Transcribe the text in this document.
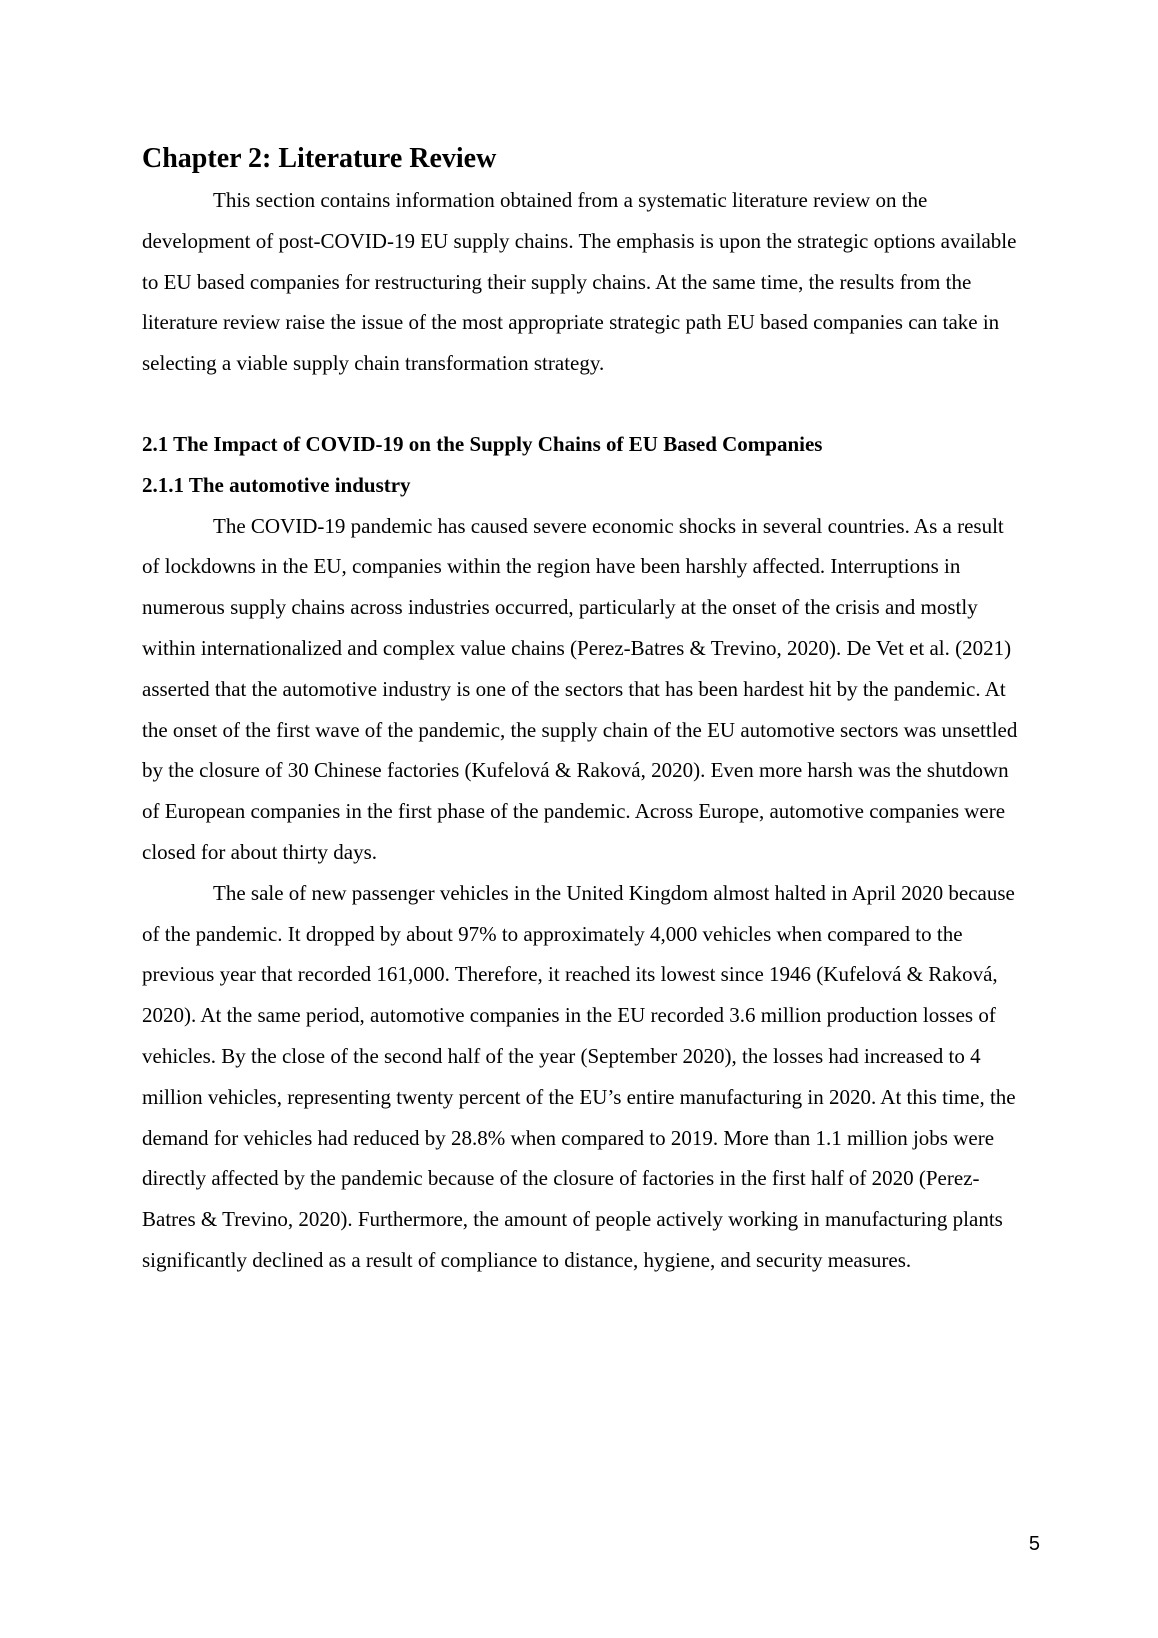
Chapter 2: Literature Review

This section contains information obtained from a systematic literature review on the development of post-COVID-19 EU supply chains. The emphasis is upon the strategic options available to EU based companies for restructuring their supply chains. At the same time, the results from the literature review raise the issue of the most appropriate strategic path EU based companies can take in selecting a viable supply chain transformation strategy.

2.1 The Impact of COVID-19 on the Supply Chains of EU Based Companies
2.1.1 The automotive industry

The COVID-19 pandemic has caused severe economic shocks in several countries. As a result of lockdowns in the EU, companies within the region have been harshly affected. Interruptions in numerous supply chains across industries occurred, particularly at the onset of the crisis and mostly within internationalized and complex value chains (Perez-Batres & Trevino, 2020). De Vet et al. (2021) asserted that the automotive industry is one of the sectors that has been hardest hit by the pandemic. At the onset of the first wave of the pandemic, the supply chain of the EU automotive sectors was unsettled by the closure of 30 Chinese factories (Kufelová & Raková, 2020). Even more harsh was the shutdown of European companies in the first phase of the pandemic. Across Europe, automotive companies were closed for about thirty days.

The sale of new passenger vehicles in the United Kingdom almost halted in April 2020 because of the pandemic. It dropped by about 97% to approximately 4,000 vehicles when compared to the previous year that recorded 161,000. Therefore, it reached its lowest since 1946 (Kufelová & Raková, 2020). At the same period, automotive companies in the EU recorded 3.6 million production losses of vehicles. By the close of the second half of the year (September 2020), the losses had increased to 4 million vehicles, representing twenty percent of the EU’s entire manufacturing in 2020. At this time, the demand for vehicles had reduced by 28.8% when compared to 2019. More than 1.1 million jobs were directly affected by the pandemic because of the closure of factories in the first half of 2020 (Perez-Batres & Trevino, 2020). Furthermore, the amount of people actively working in manufacturing plants significantly declined as a result of compliance to distance, hygiene, and security measures.

5
